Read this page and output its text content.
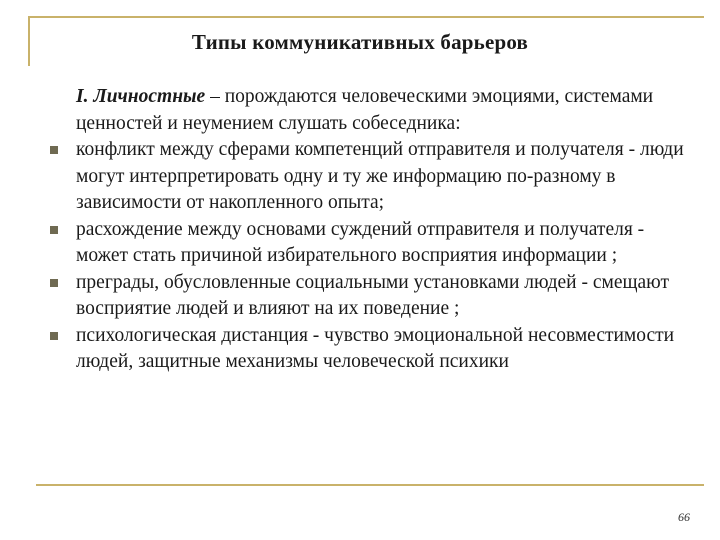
Типы коммуникативных барьеров

I. Личностные – порождаются человеческими эмоциями, системами ценностей и неумением слушать собеседника:

конфликт между сферами компетенций отправителя и получателя - люди могут интерпретировать одну и ту же информацию по-разному в зависимости от накопленного опыта;
расхождение между основами суждений отправителя и получателя - может стать причиной избирательного восприятия информации ;
преграды, обусловленные социальными установками людей - смещают восприятие людей и влияют на их поведение ;
психологическая дистанция - чувство эмоциональной несовместимости людей, защитные механизмы человеческой психики
66
